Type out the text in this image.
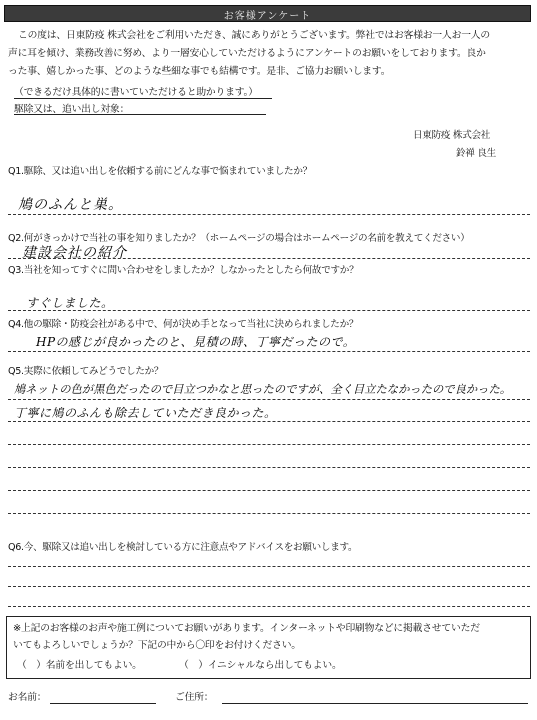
お客様アンケート
この度は、日東防疫 株式会社をご利用いただき、誠にありがとうございます。弊社ではお客様お一人お一人の
声に耳を傾け、業務改善に努め、より一層安心していただけるようにアンケートのお願いをしております。良か
った事、嬉しかった事、どのような些細な事でも結構です。是非、ご協力お願いします。
（できるだけ具体的に書いていただけると助かります。）
駆除又は、追い出し対象：
日東防疫 株式会社
鈴禅 良生
Q1.駆除、又は追い出しを依頼する前にどんな事で悩まれていましたか？
鳩のふんと巣。
Q2.何がきっかけで当社の事を知りましたか？（ホームページの場合はホームページの名前を教えてください）
建設会社の紹介
Q3.当社を知ってすぐに問い合わせをしましたか？しなかったとしたら何故ですか？
すぐしました。
Q4.他の駆除・防疫会社がある中で、何が決め手となって当社に決められましたか？
HPの感じが良かったのと、見積の時、丁寧だったので。
Q5.実際に依頼してみどうでしたか？
鳩ネットの色が黒色だったので目立つかなと思ったのですが、全く目立たなかったので良かった。
丁寧に鳩のふんも除去していただき良かった。
Q6.今、駆除又は追い出しを検討している方に注意点やアドバイスをお願いします。
※上記のお客様のお声や施工例についてお願いがあります。インターネットや印刷物などに掲載させていただ
いてもよろしいでしょうか？下記の中から〇印をお付けください。
（　）名前を出してもよい。	（　）イニシャルなら出してもよい。
お名前：	ご住所：
